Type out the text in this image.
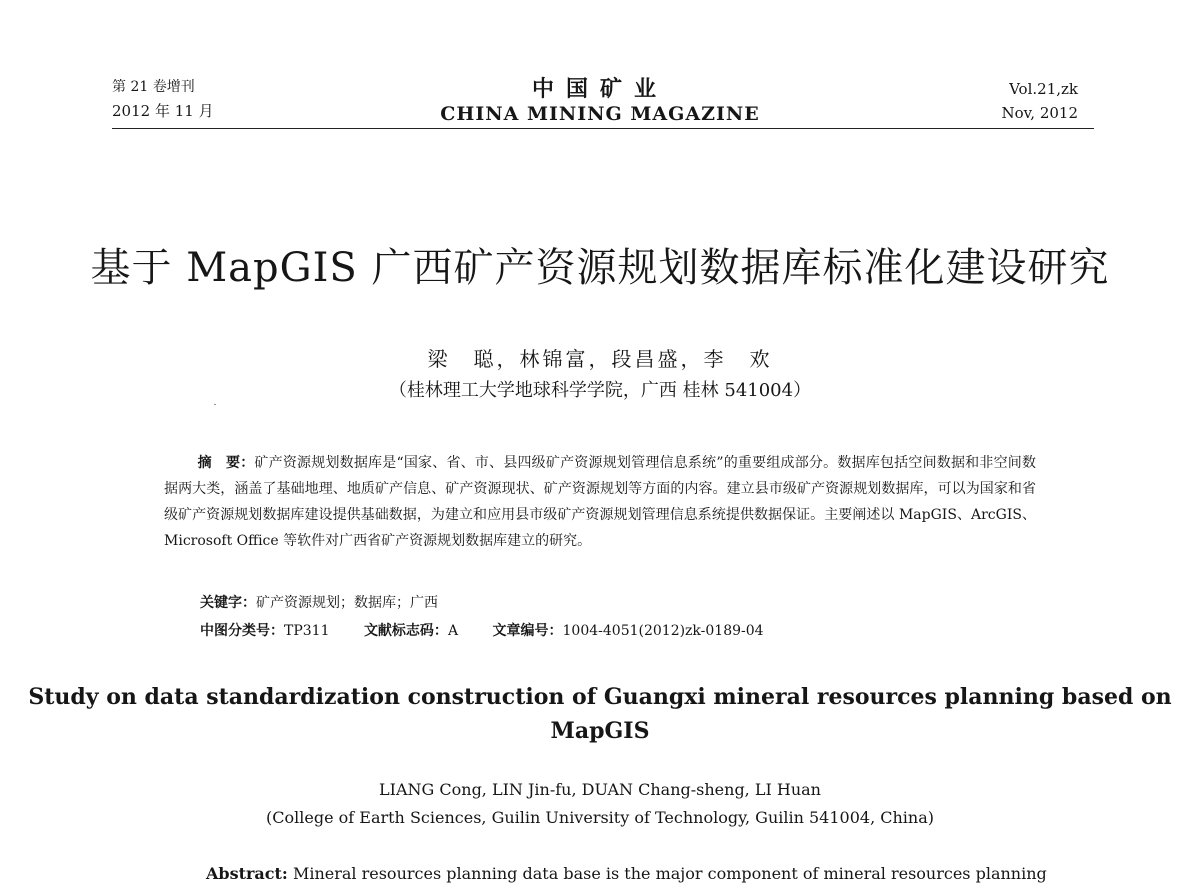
第 21 卷增刊
2012 年 11 月
中国矿业
CHINA MINING MAGAZINE
Vol.21,zk
Nov, 2012
基于 MapGIS 广西矿产资源规划数据库标准化建设研究
梁　聪，林锦富，段昌盛，李　欢
（桂林理工大学地球科学学院，广西 桂林 541004）
摘　要：矿产资源规划数据库是“国家、省、市、县四级矿产资源规划管理信息系统”的重要组成部分。数据库包括空间数据和非空间数据两大类，涵盖了基础地理、地质矿产信息、矿产资源现状、矿产资源规划等方面的内容。建立县市级矿产资源规划数据库，可以为国家和省级矿产资源规划数据库建设提供基础数据，为建立和应用县市级矿产资源规划管理信息系统提供数据保证。主要阐述以 MapGIS、ArcGIS、Microsoft Office 等软件对广西省矿产资源规划数据库建立的研究。
关键字：矿产资源规划；数据库；广西
中图分类号：TP311 文献标志码：A 文章编号：1004-4051(2012)zk-0189-04
Study on data standardization construction of Guangxi mineral resources planning based on MapGIS
LIANG Cong, LIN Jin-fu, DUAN Chang-sheng, LI Huan
(College of Earth Sciences, Guilin University of Technology, Guilin 541004, China)
Abstract: Mineral resources planning data base is the major component of mineral resources planning
